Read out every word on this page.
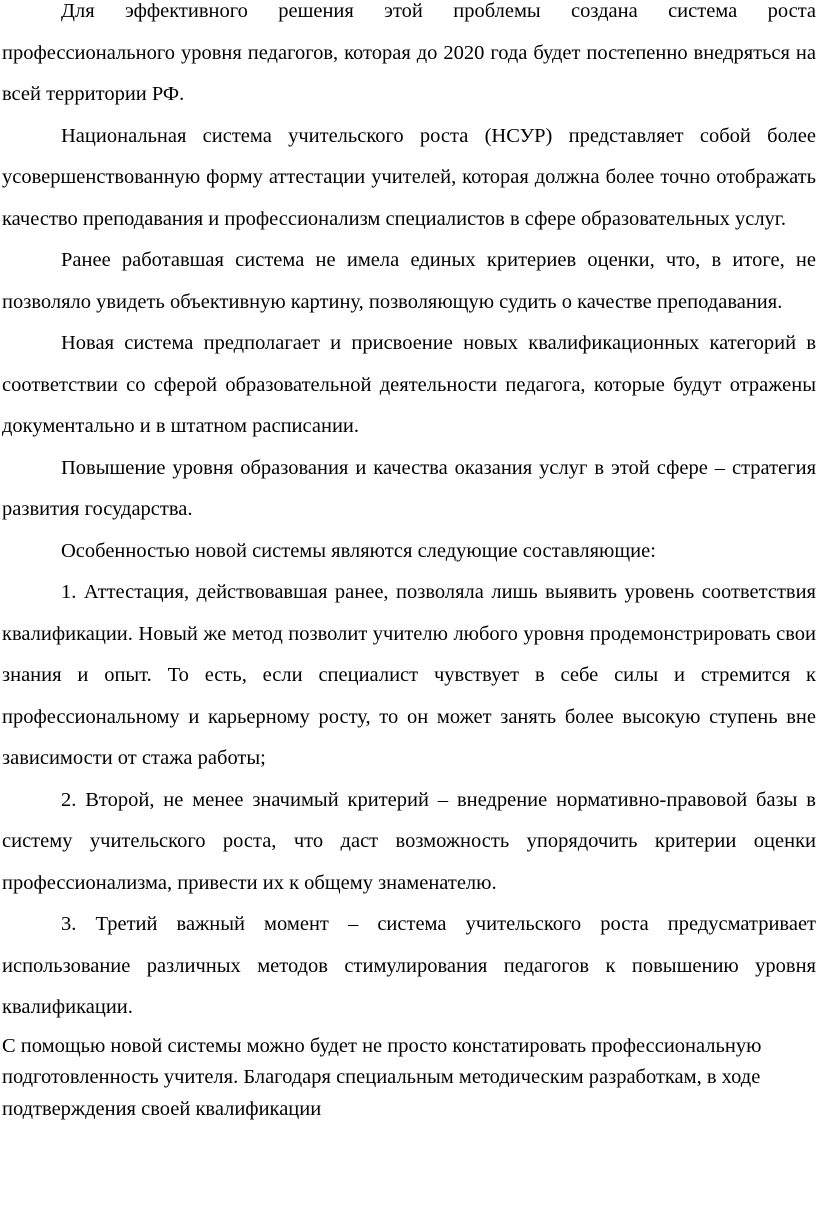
Для эффективного решения этой проблемы создана система роста профессионального уровня педагогов, которая до 2020 года будет постепенно внедряться на всей территории РФ.

Национальная система учительского роста (НСУР) представляет собой более усовершенствованную форму аттестации учителей, которая должна более точно отображать качество преподавания и профессионализм специалистов в сфере образовательных услуг.

Ранее работавшая система не имела единых критериев оценки, что, в итоге, не позволяло увидеть объективную картину, позволяющую судить о качестве преподавания.

Новая система предполагает и присвоение новых квалификационных категорий в соответствии со сферой образовательной деятельности педагога, которые будут отражены документально и в штатном расписании.

Повышение уровня образования и качества оказания услуг в этой сфере – стратегия развития государства.

Особенностью новой системы являются следующие составляющие:

1. Аттестация, действовавшая ранее, позволяла лишь выявить уровень соответствия квалификации. Новый же метод позволит учителю любого уровня продемонстрировать свои знания и опыт. То есть, если специалист чувствует в себе силы и стремится к профессиональному и карьерному росту, то он может занять более высокую ступень вне зависимости от стажа работы;

2. Второй, не менее значимый критерий – внедрение нормативно-правовой базы в систему учительского роста, что даст возможность упорядочить критерии оценки профессионализма, привести их к общему знаменателю.

3. Третий важный момент – система учительского роста предусматривает использование различных методов стимулирования педагогов к повышению уровня квалификации.

С помощью новой системы можно будет не просто констатировать профессиональную подготовленность учителя. Благодаря специальным методическим разработкам, в ходе подтверждения своей квалификации
